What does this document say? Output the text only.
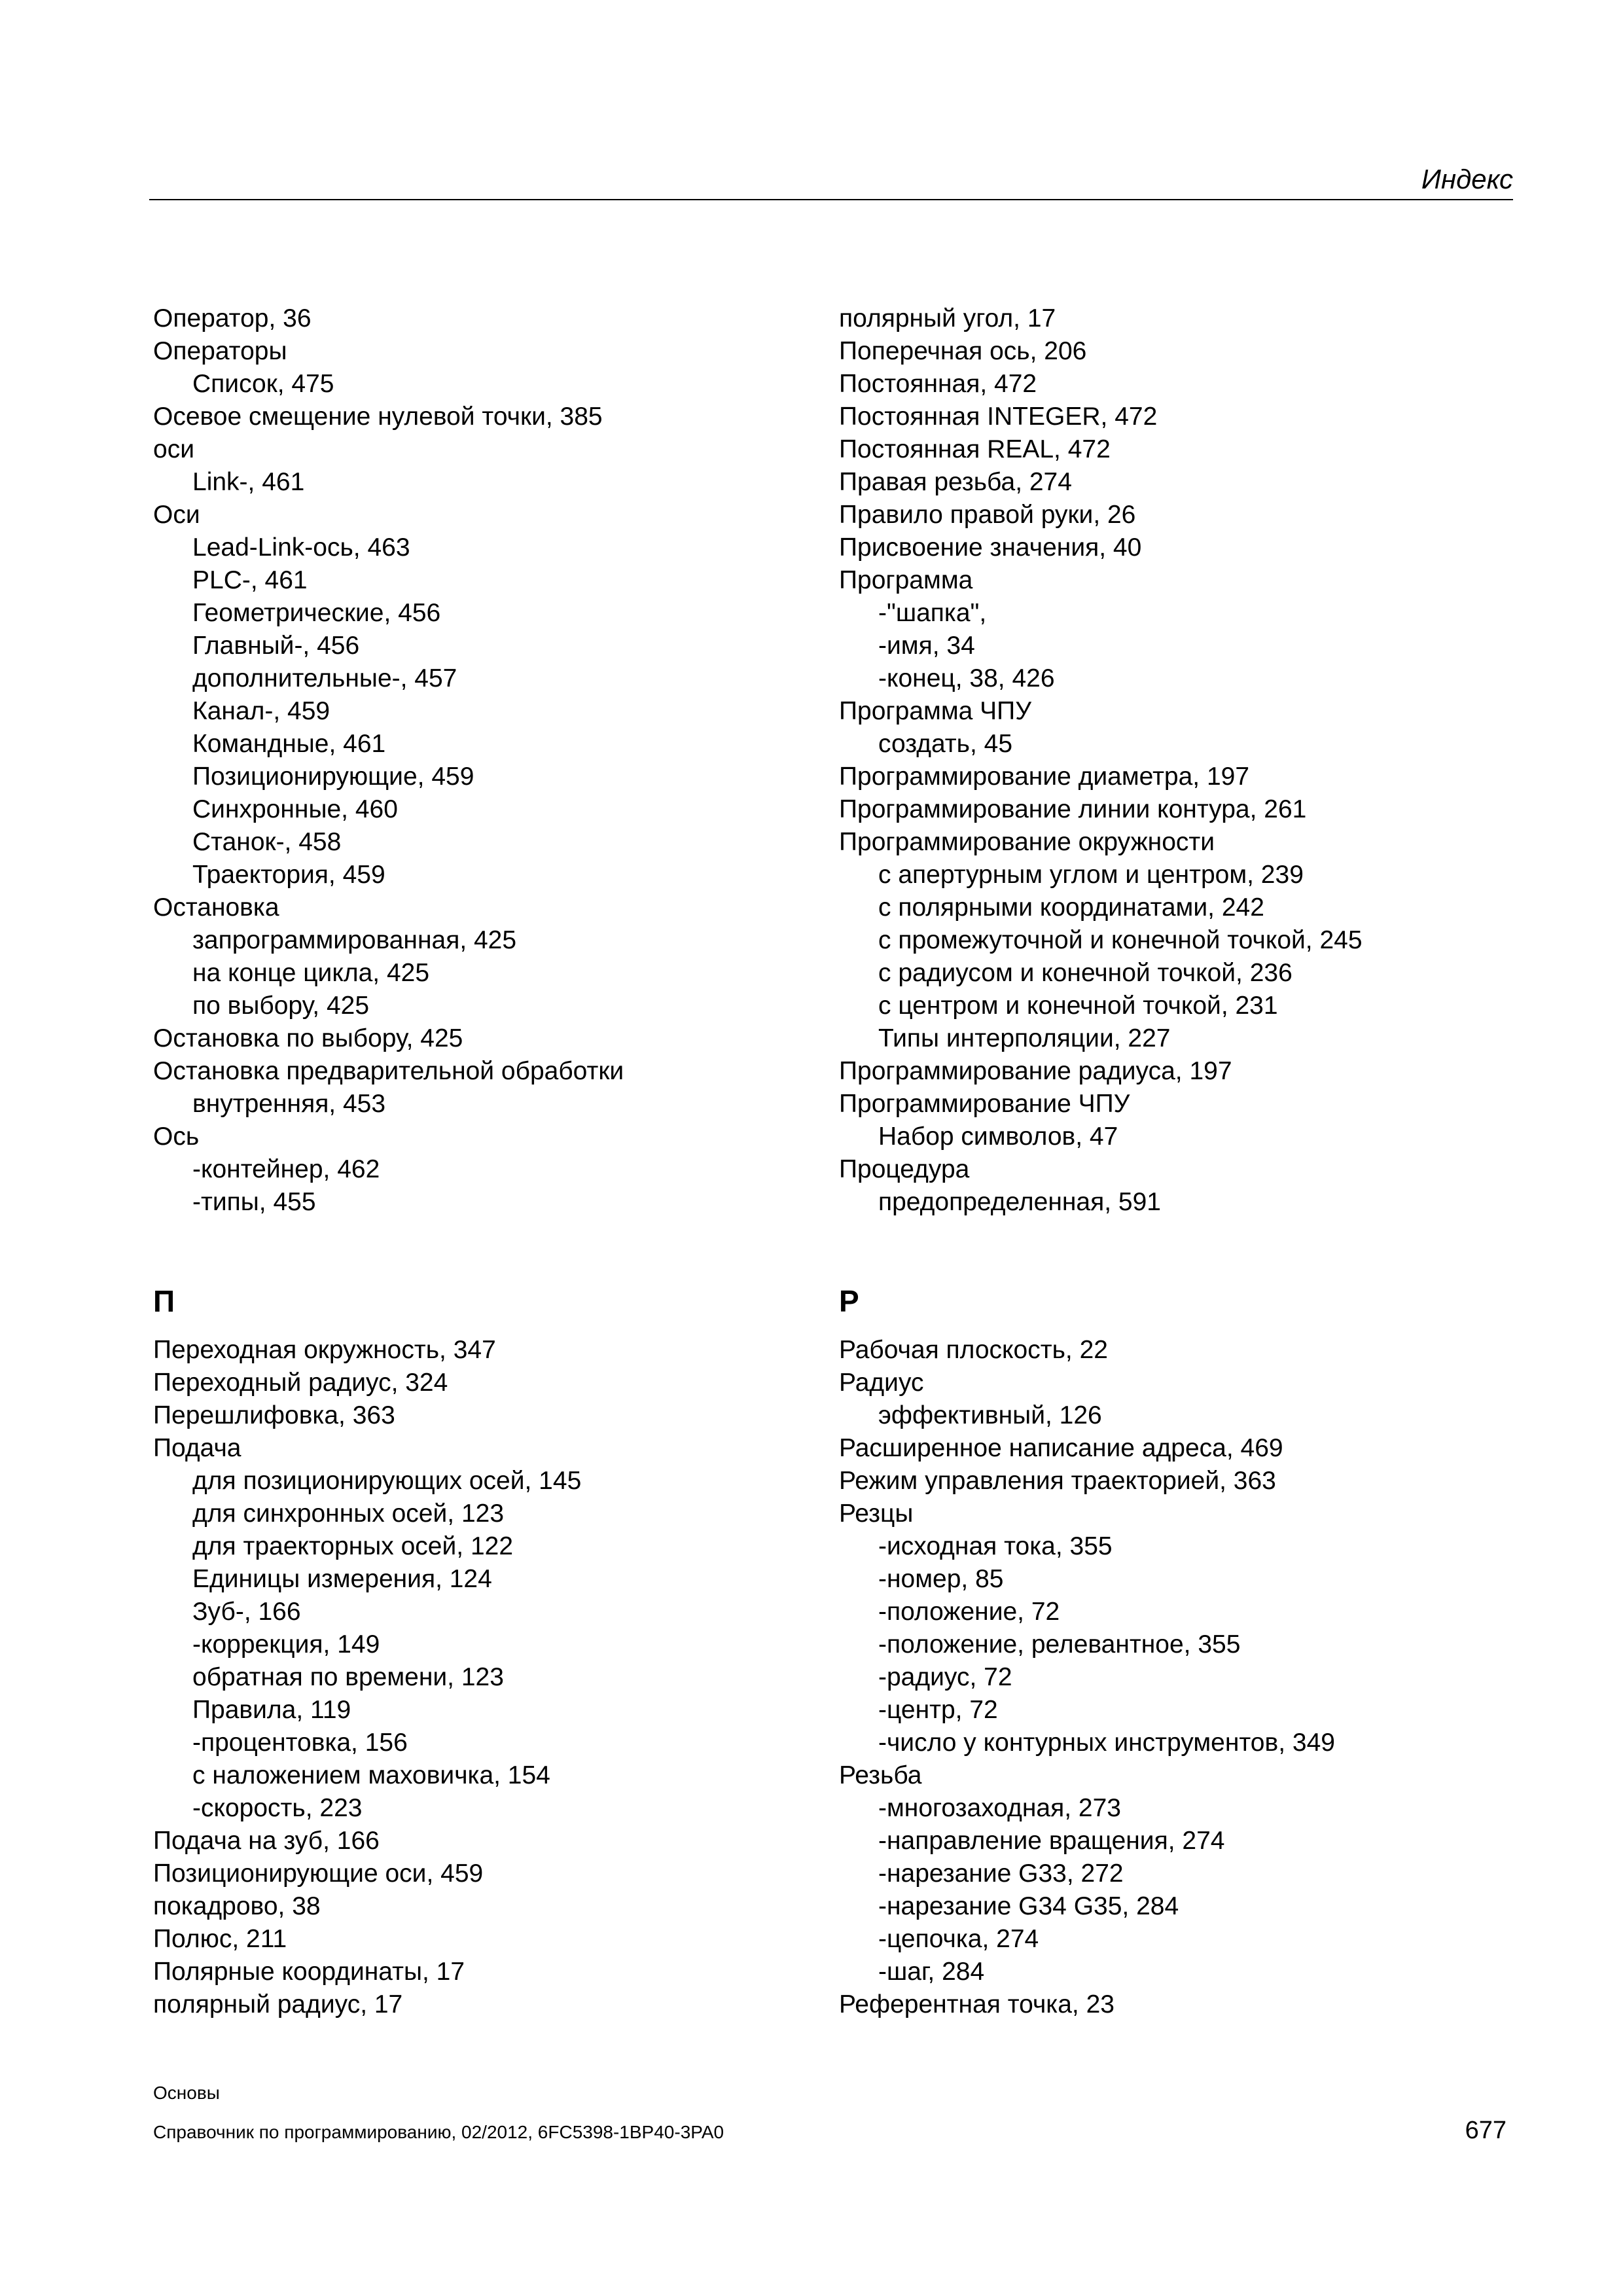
Индекс
Оператор, 36
Операторы
Список, 475
Осевое смещение нулевой точки, 385
оси
Link-, 461
Оси
Lead-Link-ось, 463
PLC-, 461
Геометрические, 456
Главный-, 456
дополнительные-, 457
Канал-, 459
Командные, 461
Позиционирующие, 459
Синхронные, 460
Станок-, 458
Траектория, 459
Остановка
запрограммированная, 425
на конце цикла, 425
по выбору, 425
Остановка по выбору, 425
Остановка предварительной обработки
внутренняя, 453
Ось
-контейнер, 462
-типы, 455
полярный угол, 17
Поперечная ось, 206
Постоянная, 472
Постоянная INTEGER, 472
Постоянная REAL, 472
Правая резьба, 274
Правило правой руки, 26
Присвоение значения, 40
Программа
-"шапка",
-имя, 34
-конец, 38, 426
Программа ЧПУ
создать, 45
Программирование диаметра, 197
Программирование линии контура, 261
Программирование окружности
с апертурным углом и центром, 239
с полярными координатами, 242
с промежуточной и конечной точкой, 245
с радиусом и конечной точкой, 236
с центром и конечной точкой, 231
Типы интерполяции, 227
Программирование радиуса, 197
Программирование ЧПУ
Набор символов, 47
Процедура
предопределенная, 591
П	Р
Переходная окружность, 347
Переходный радиус, 324
Перешлифовка, 363
Подача
для позиционирующих осей, 145
для синхронных осей, 123
для траекторных осей, 122
Единицы измерения, 124
Зуб-, 166
-коррекция, 149
обратная по времени, 123
Правила, 119
-процентовка, 156
с наложением маховичка, 154
-скорость, 223
Подача на зуб, 166
Позиционирующие оси, 459
покадрово, 38
Полюс, 211
Полярные координаты, 17
полярный радиус, 17
Рабочая плоскость, 22
Радиус
эффективный, 126
Расширенное написание адреса, 469
Режим управления траекторией, 363
Резцы
-исходная тока, 355
-номер, 85
-положение, 72
-положение, релевантное, 355
-радиус, 72
-центр, 72
-число у контурных инструментов, 349
Резьба
-многозаходная, 273
-направление вращения, 274
-нарезание G33, 272
-нарезание G34 G35, 284
-цепочка, 274
-шаг, 284
Референтная точка, 23
Основы
Справочник по программированию, 02/2012, 6FC5398-1BP40-3PA0	677
